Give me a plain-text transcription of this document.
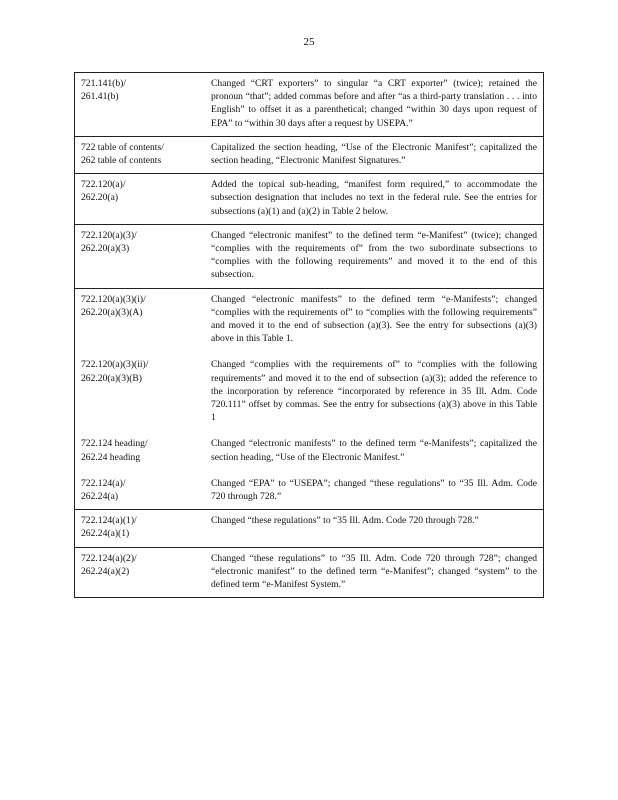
25
721.141(b)/
261.41(b)
Changed “CRT exporters” to singular “a CRT exporter” (twice); retained the pronoun “that”; added commas before and after “as a third-party translation . . . into English” to offset it as a parenthetical; changed “within 30 days upon request of EPA” to “within 30 days after a request by USEPA.”
722 table of contents/
262 table of contents
Capitalized the section heading, “Use of the Electronic Manifest”; capitalized the section heading, “Electronic Manifest Signatures.”
722.120(a)/
262.20(a)
Added the topical sub-heading, “manifest form required,” to accommodate the subsection designation that includes no text in the federal rule. See the entries for subsections (a)(1) and (a)(2) in Table 2 below.
722.120(a)(3)/
262.20(a)(3)
Changed “electronic manifest” to the defined term “e-Manifest” (twice); changed “complies with the requirements of” from the two subordinate subsections to “complies with the following requirements” and moved it to the end of this subsection.
722.120(a)(3)(i)/
262.20(a)(3)(A)
Changed “electronic manifests” to the defined term “e-Manifests”; changed “complies with the requirements of” to “complies with the following requirements” and moved it to the end of subsection (a)(3). See the entry for subsections (a)(3) above in this Table 1.
722.120(a)(3)(ii)/
262.20(a)(3)(B)
Changed “complies with the requirements of” to “complies with the following requirements” and moved it to the end of subsection (a)(3); added the reference to the incorporation by reference “incorporated by reference in 35 Ill. Adm. Code 720.111” offset by commas. See the entry for subsections (a)(3) above in this Table 1
722.124 heading/
262.24 heading
Changed “electronic manifests” to the defined term “e-Manifests”; capitalized the section heading, “Use of the Electronic Manifest.”
722.124(a)/
262.24(a)
Changed “EPA” to “USEPA”; changed “these regulations” to “35 Ill. Adm. Code 720 through 728.”
722.124(a)(1)/
262.24(a)(1)
Changed “these regulations” to “35 Ill. Adm. Code 720 through 728.”
722.124(a)(2)/
262.24(a)(2)
Changed “these regulations” to “35 Ill. Adm. Code 720 through 728”; changed “electronic manifest” to the defined term “e-Manifest”; changed “system” to the defined term “e-Manifest System.”
